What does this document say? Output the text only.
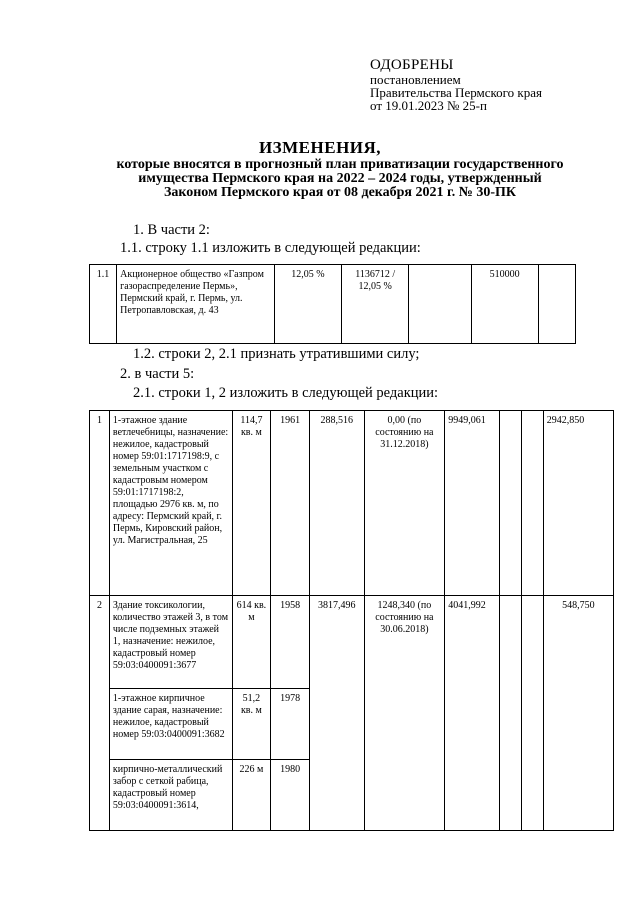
ОДОБРЕНЫ
постановлением
Правительства Пермского края
от 19.01.2023 № 25-п
ИЗМЕНЕНИЯ,
которые вносятся в прогнозный план приватизации государственного
имущества Пермского края на 2022 – 2024 годы, утвержденный
Законом Пермского края от 08 декабря 2021 г. № 30-ПК
1. В части 2:
1.1. строку 1.1 изложить в следующей редакции:
1.1	Акционерное общество «Газпром газораспределение Пермь», Пермский край, г. Пермь, ул. Петропавловская, д. 43	12,05 %	1136712 / 12,05 %		510000	
1.2. строки 2, 2.1 признать утратившими силу;
2. в части 5:
2.1. строки 1, 2 изложить в следующей редакции:
1	1-этажное здание ветлечебницы, назначение: нежилое, кадастровый номер 59:01:1717198:9, с земельным участком с кадастровым номером 59:01:1717198:2, площадью 2976 кв. м, по адресу: Пермский край, г. Пермь, Кировский район, ул. Магистральная, 25	114,7 кв. м	1961	288,516	0,00 (по состоянию на 31.12.2018)	9949,061			2942,850
2	Здание токсикологии, количество этажей 3, в том числе подземных этажей 1, назначение: нежилое, кадастровый номер 59:03:0400091:3677	614 кв. м	1958	3817,496	1248,340 (по состоянию на 30.06.2018)	4041,992			548,750
	1-этажное кирпичное здание сарая, назначение: нежилое, кадастровый номер 59:03:0400091:3682	51,2 кв. м	1978						
	кирпично-металлический забор с сеткой рабица, кадастровый номер 59:03:0400091:3614,	226 м	1980						
